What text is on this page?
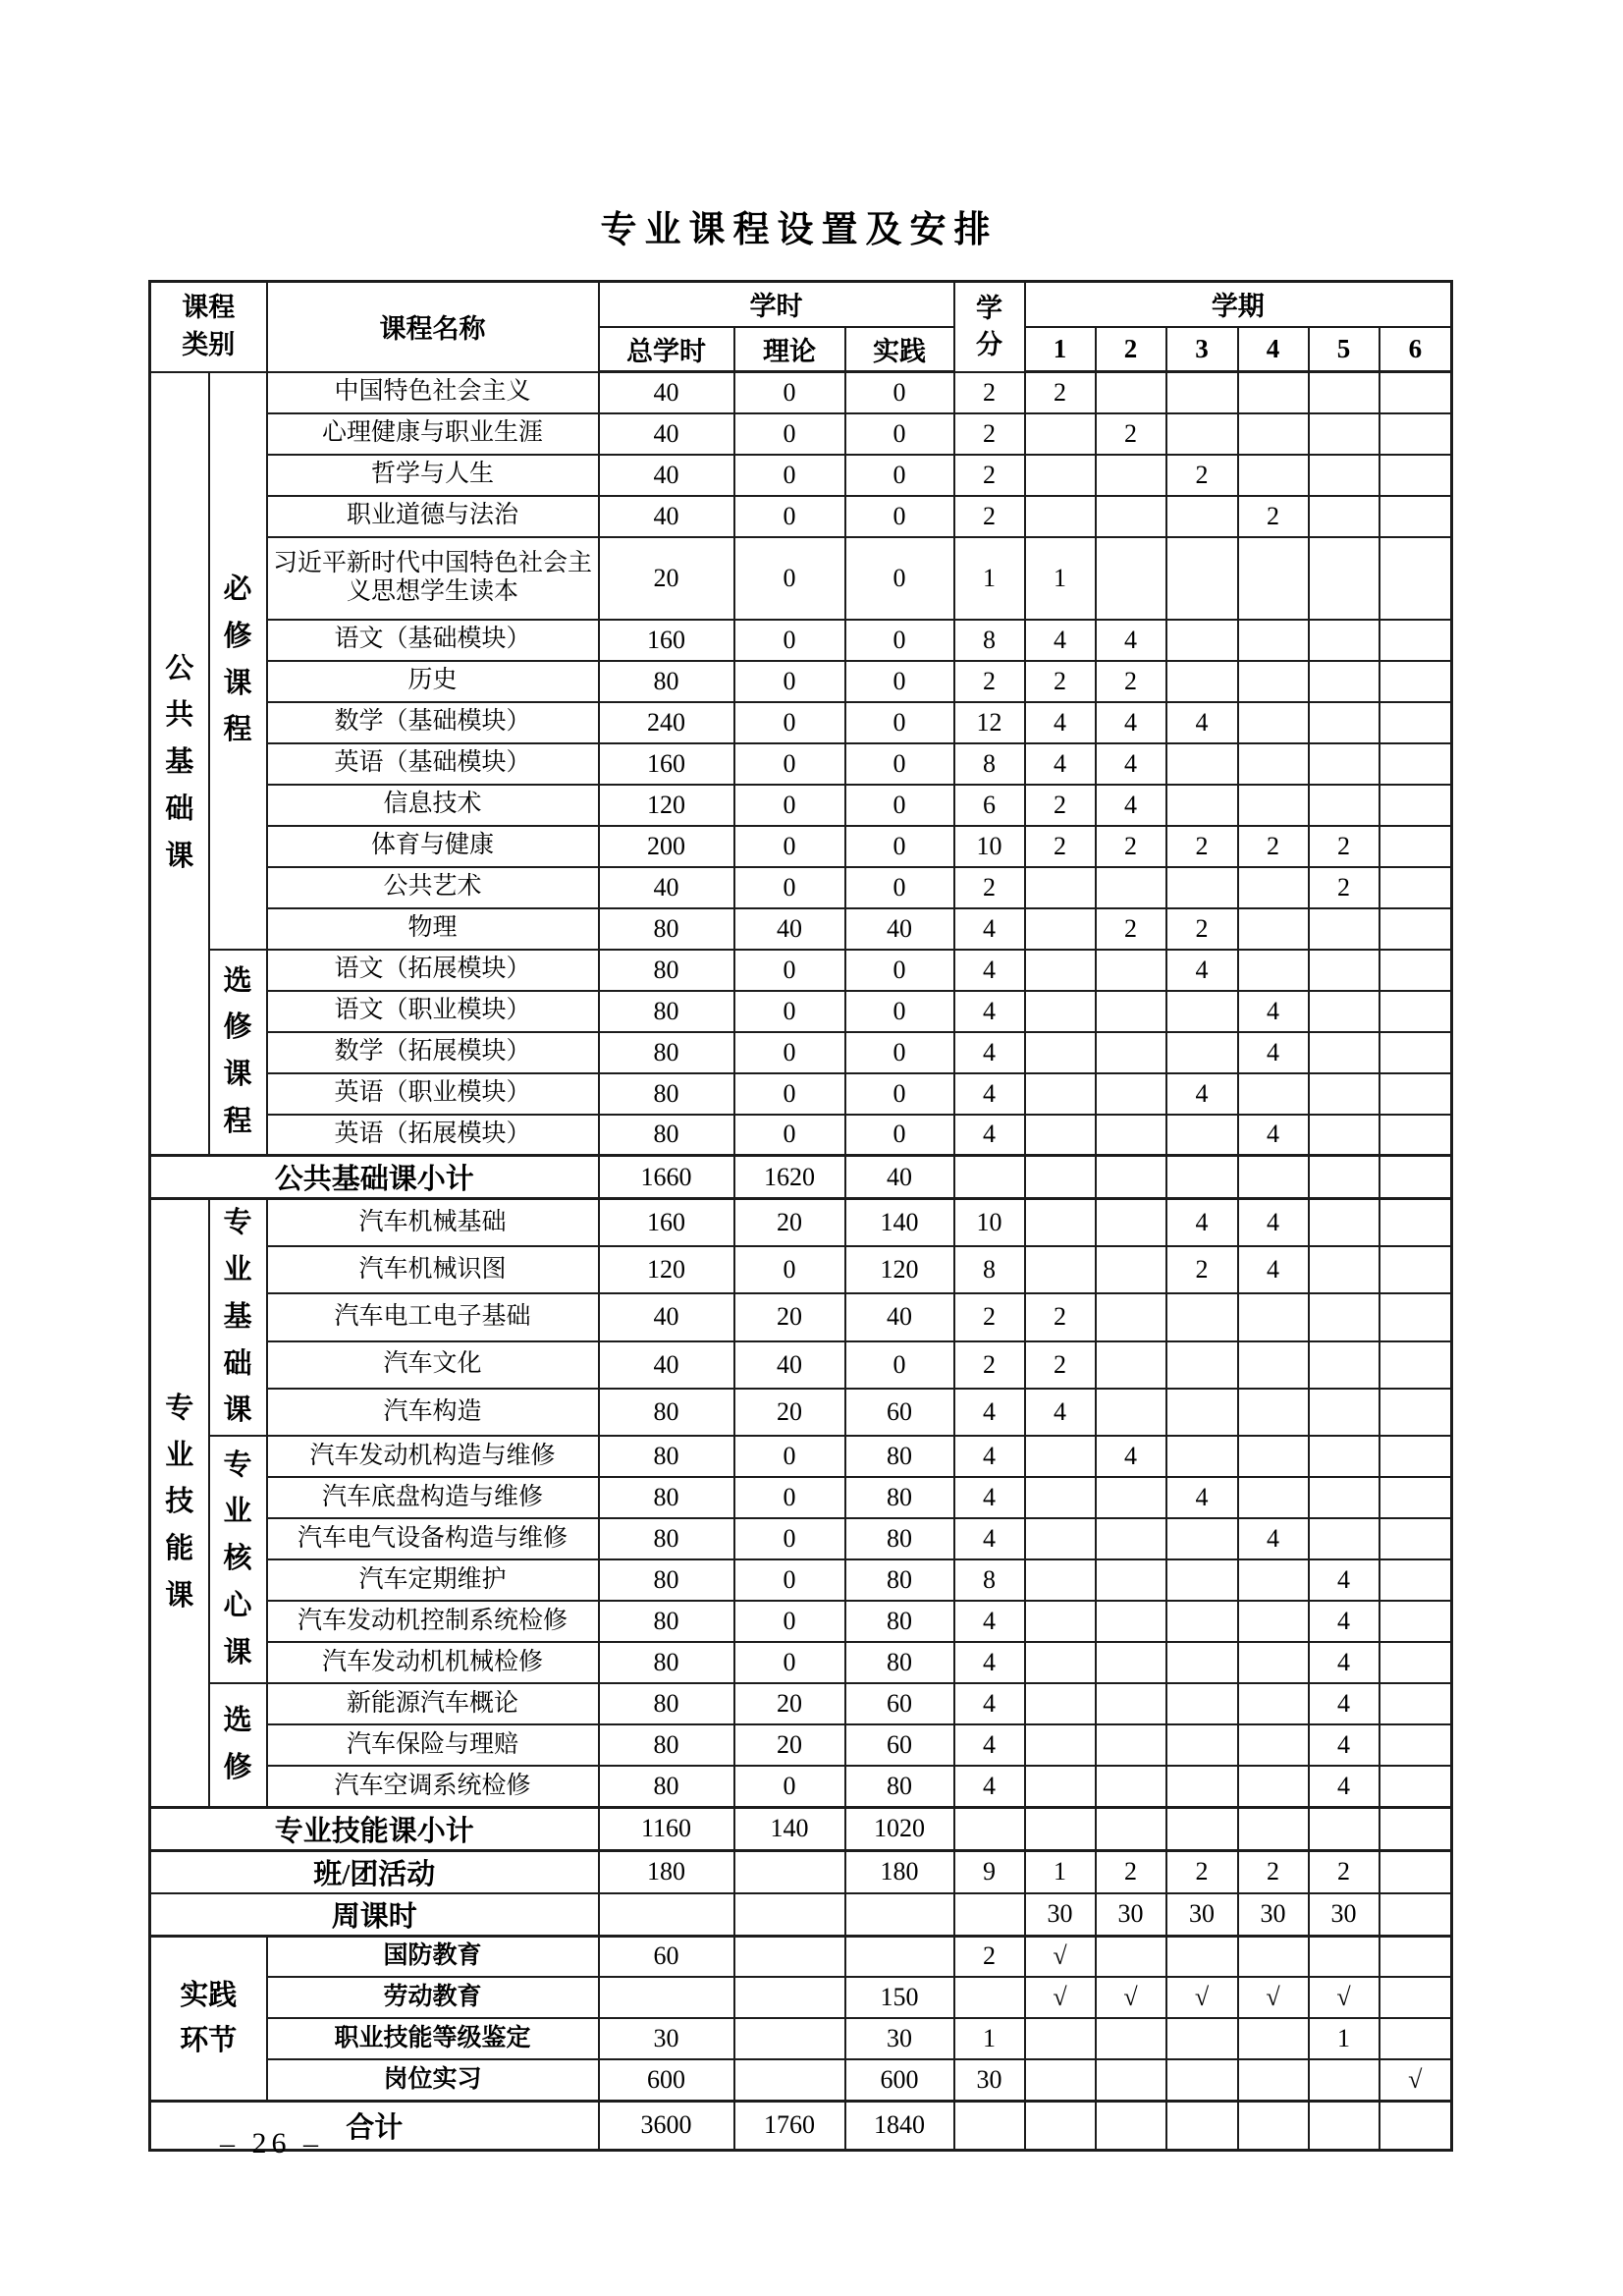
专业课程设置及安排
课程类别		课程名称	学时			学分	学期					
			总学时	理论	实践		1	2	3	4	5	6
公共基础课	必修课程	中国特色社会主义	40	0	0	2	2					
		心理健康与职业生涯	40	0	0	2		2				
		哲学与人生	40	0	0	2			2			
		职业道德与法治	40	0	0	2				2		
		习近平新时代中国特色社会主义思想学生读本	20	0	0	1	1					
		语文（基础模块）	160	0	0	8	4	4				
		历史	80	0	0	2	2	2				
		数学（基础模块）	240	0	0	12	4	4	4			
		英语（基础模块）	160	0	0	8	4	4				
		信息技术	120	0	0	6	2	4				
		体育与健康	200	0	0	10	2	2	2	2	2	
		公共艺术	40	0	0	2					2	
		物理	80	40	40	4		2	2			
	选修课程	语文（拓展模块）	80	0	0	4			4			
		语文（职业模块）	80	0	0	4				4		
		数学（拓展模块）	80	0	0	4				4		
		英语（职业模块）	80	0	0	4			4			
		英语（拓展模块）	80	0	0	4				4		
公共基础课小计			1660	1620	40							
专业技能课	专业基础课	汽车机械基础	160	20	140	10			4	4		
		汽车机械识图	120	0	120	8			2	4		
		汽车电工电子基础	40	20	40	2	2					
		汽车文化	40	40	0	2	2					
		汽车构造	80	20	60	4	4					
	专业核心课	汽车发动机构造与维修	80	0	80	4		4				
		汽车底盘构造与维修	80	0	80	4			4			
		汽车电气设备构造与维修	80	0	80	4				4		
		汽车定期维护	80	0	80	8					4	
		汽车发动机控制系统检修	80	0	80	4					4	
		汽车发动机机械检修	80	0	80	4					4	
	选修	新能源汽车概论	80	20	60	4					4	
		汽车保险与理赔	80	20	60	4					4	
		汽车空调系统检修	80	0	80	4					4	
专业技能课小计			1160	140	1020							
班/团活动			180		180	9	1	2	2	2	2	
周课时							30	30	30	30	30	
实践环节		国防教育	60			2	√					
		劳动教育			150		√	√	√	√	√	
		职业技能等级鉴定	30		30	1					1	
		岗位实习	600		600	30						√
合计			3600	1760	1840							
– 26 –
